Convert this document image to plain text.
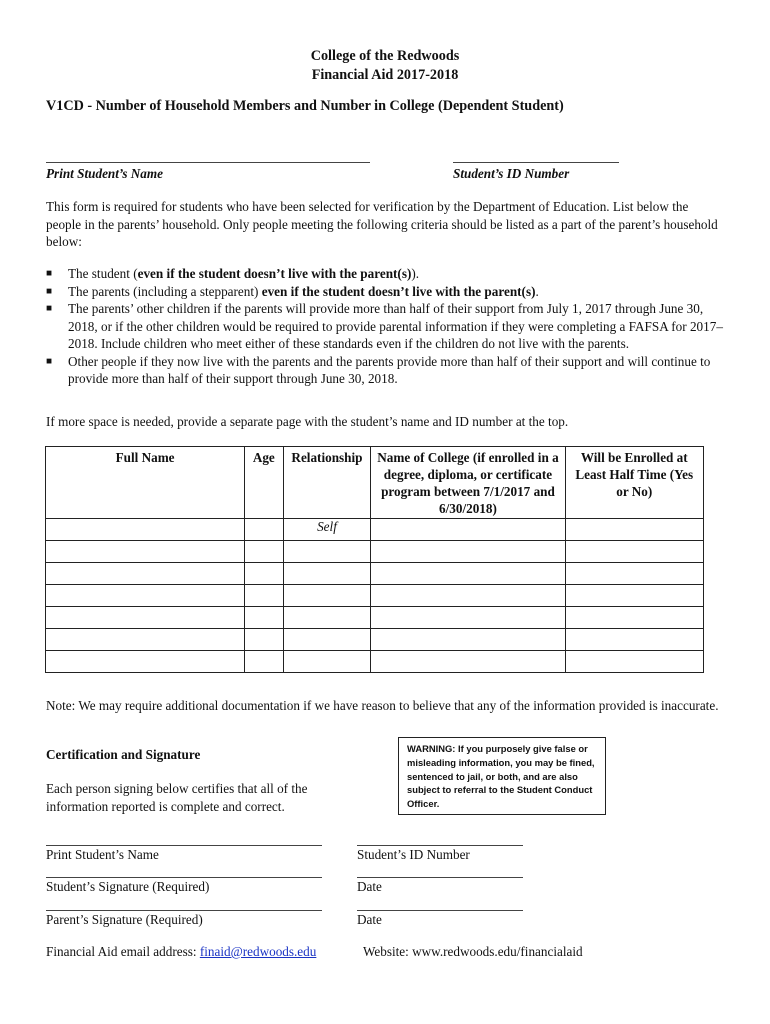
College of the Redwoods
Financial Aid 2017-2018
V1CD - Number of Household Members and Number in College (Dependent Student)
Print Student’s Name	Student’s ID Number

This form is required for students who have been selected for verification by the Department of Education. List below the people in the parents’ household. Only people meeting the following criteria should be listed as a part of the parent’s household below:

■ The student (even if the student doesn’t live with the parent(s)).
■ The parents (including a stepparent) even if the student doesn’t live with the parent(s).
■ The parents’ other children if the parents will provide more than half of their support from July 1, 2017 through June 30, 2018, or if the other children would be required to provide parental information if they were completing a FAFSA for 2017–2018. Include children who meet either of these standards even if the children do not live with the parents.
■ Other people if they now live with the parents and the parents provide more than half of their support and will continue to provide more than half of their support through June 30, 2018.

If more space is needed, provide a separate page with the student’s name and ID number at the top.

Full Name	Age	Relationship	Name of College (if enrolled in a degree, diploma, or certificate program between 7/1/2017 and 6/30/2018)	Will be Enrolled at Least Half Time (Yes or No)
		Self		

Note: We may require additional documentation if we have reason to believe that any of the information provided is inaccurate.

Certification and Signature

Each person signing below certifies that all of the information reported is complete and correct.

WARNING: If you purposely give false or misleading information, you may be fined, sentenced to jail, or both, and are also subject to referral to the Student Conduct Officer.
Print Student’s Name	Student’s ID Number
Student’s Signature (Required)	Date
Parent’s Signature (Required)	Date
Financial Aid email address: finaid@redwoods.edu	Website: www.redwoods.edu/financialaid
